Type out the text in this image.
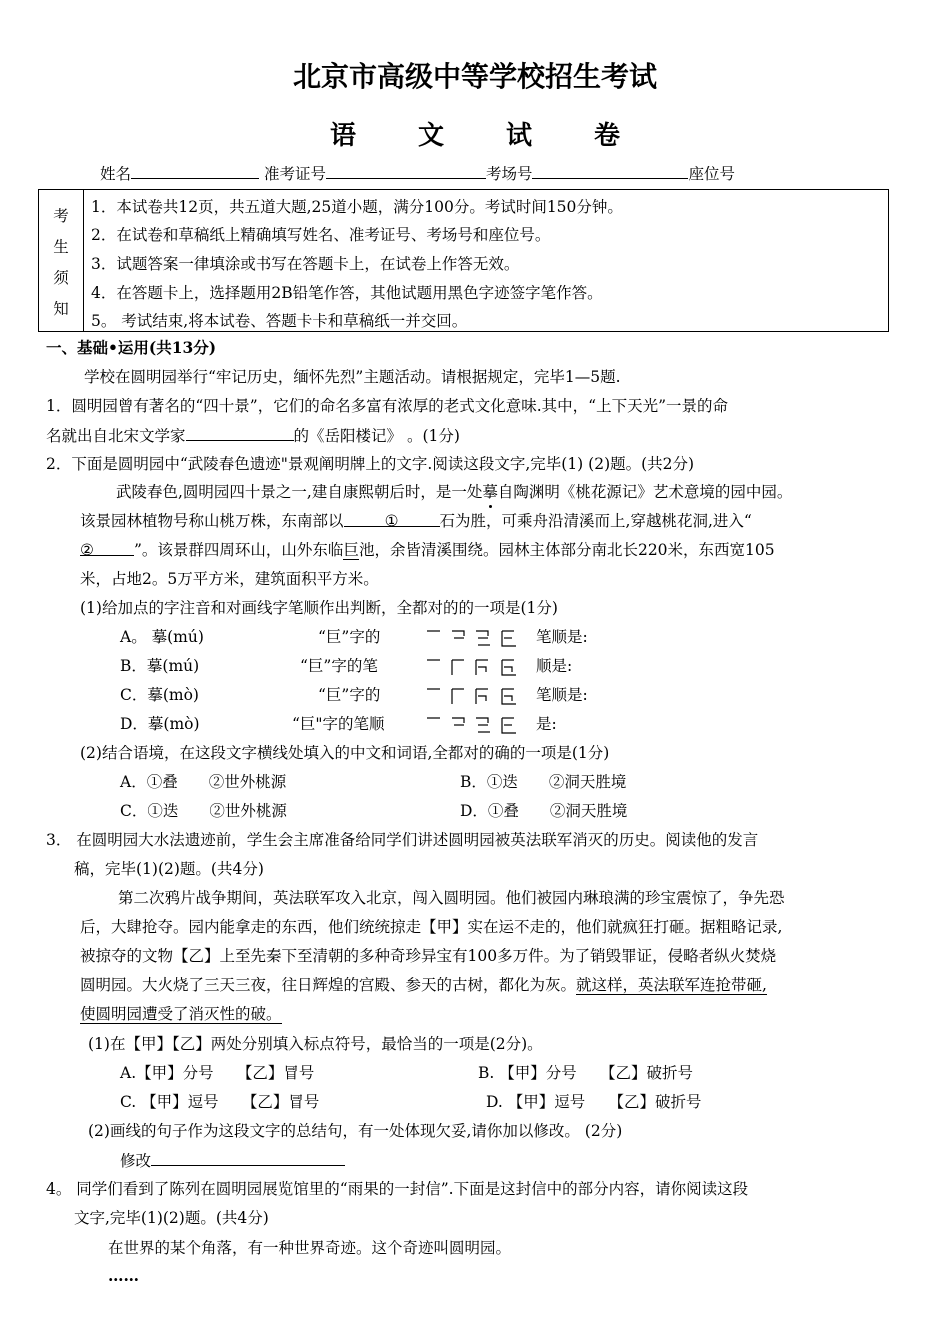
北京市高级中等学校招生考试
语文试卷
姓名	准考证号	考场号	座位号
考
生
须
知
1．本试卷共12页，共五道大题,25道小题，满分100分。考试时间150分钟。
2．在试卷和草稿纸上精确填写姓名、准考证号、考场号和座位号。
3．试题答案一律填涂或书写在答题卡上，在试卷上作答无效。
4．在答题卡上，选择题用2B铅笔作答，其他试题用黑色字迹签字笔作答。
5。 考试结束,将本试卷、答题卡卡和草稿纸一并交回。
一、基础•运用(共13分)
学校在圆明园举行“牢记历史，缅怀先烈”主题活动。请根据规定，完毕1—5题.
1．圆明园曾有著名的“四十景”，它们的命名多富有浓厚的老式文化意味.其中，“上下天光”一景的命
名就出自北宋文学家	的《岳阳楼记》 。(1分)
2．下面是圆明园中“武陵春色遗迹"景观阐明牌上的文字.阅读这段文字,完毕(1) (2)题。(共2分)
武陵春色,圆明园四十景之一,建自康熙朝后时，是一处摹自陶渊明《桃花源记》艺术意境的园中园。
该景园林植物号称山桃万株，东南部以	①	石为胜，可乘舟沿清溪而上,穿越桃花洞,进入“
②	”。该景群四周环山，山外东临巨池，余皆清溪围绕。园林主体部分南北长220米，东西宽105
米，占地2。5万平方米，建筑面积平方米。
(1)给加点的字注音和对画线字笔顺作出判断，全都对的的一项是(1分)
A。 摹(mú)	“巨”字的	笔顺是:
B．摹(mú)	“巨”字的笔	顺是:
C．摹(mò)	“巨”字的	笔顺是:
D．摹(mò)	“巨"字的笔顺	是:
(2)结合语境，在这段文字横线处填入的中文和词语,全都对的确的一项是(1分)
A．①叠　　②世外桃源	B．①迭　　②洞天胜境
C．①迭　　②世外桃源	D．①叠　　②洞天胜境
3． 在圆明园大水法遗迹前，学生会主席准备给同学们讲述圆明园被英法联军消灭的历史。阅读他的发言
稿，完毕(1)(2)题。(共4分)
第二次鸦片战争期间，英法联军攻入北京，闯入圆明园。他们被园内琳琅满的珍宝震惊了，争先恐
后，大肆抢夺。园内能拿走的东西，他们统统掠走【甲】实在运不走的，他们就疯狂打砸。据粗略记录,
被掠夺的文物【乙】上至先秦下至清朝的多种奇珍异宝有100多万件。为了销毁罪证，侵略者纵火焚烧
圆明园。大火烧了三天三夜，往日辉煌的宫殿、参天的古树，都化为灰。就这样，英法联军连抢带砸,
使圆明园遭受了消灭性的破。
(1)在【甲】【乙】两处分别填入标点符号，最恰当的一项是(2分)。
A.【甲】分号　　【乙】冒号	B. 【甲】分号　　【乙】破折号
C. 【甲】逗号　　【乙】冒号	D. 【甲】逗号　　【乙】破折号
(2)画线的句子作为这段文字的总结句，有一处体现欠妥,请你加以修改。 (2分)
修改
4。 同学们看到了陈列在圆明园展览馆里的“雨果的一封信”.下面是这封信中的部分内容，请你阅读这段
文字,完毕(1)(2)题。(共4分)
在世界的某个角落，有一种世界奇迹。这个奇迹叫圆明园。
……
